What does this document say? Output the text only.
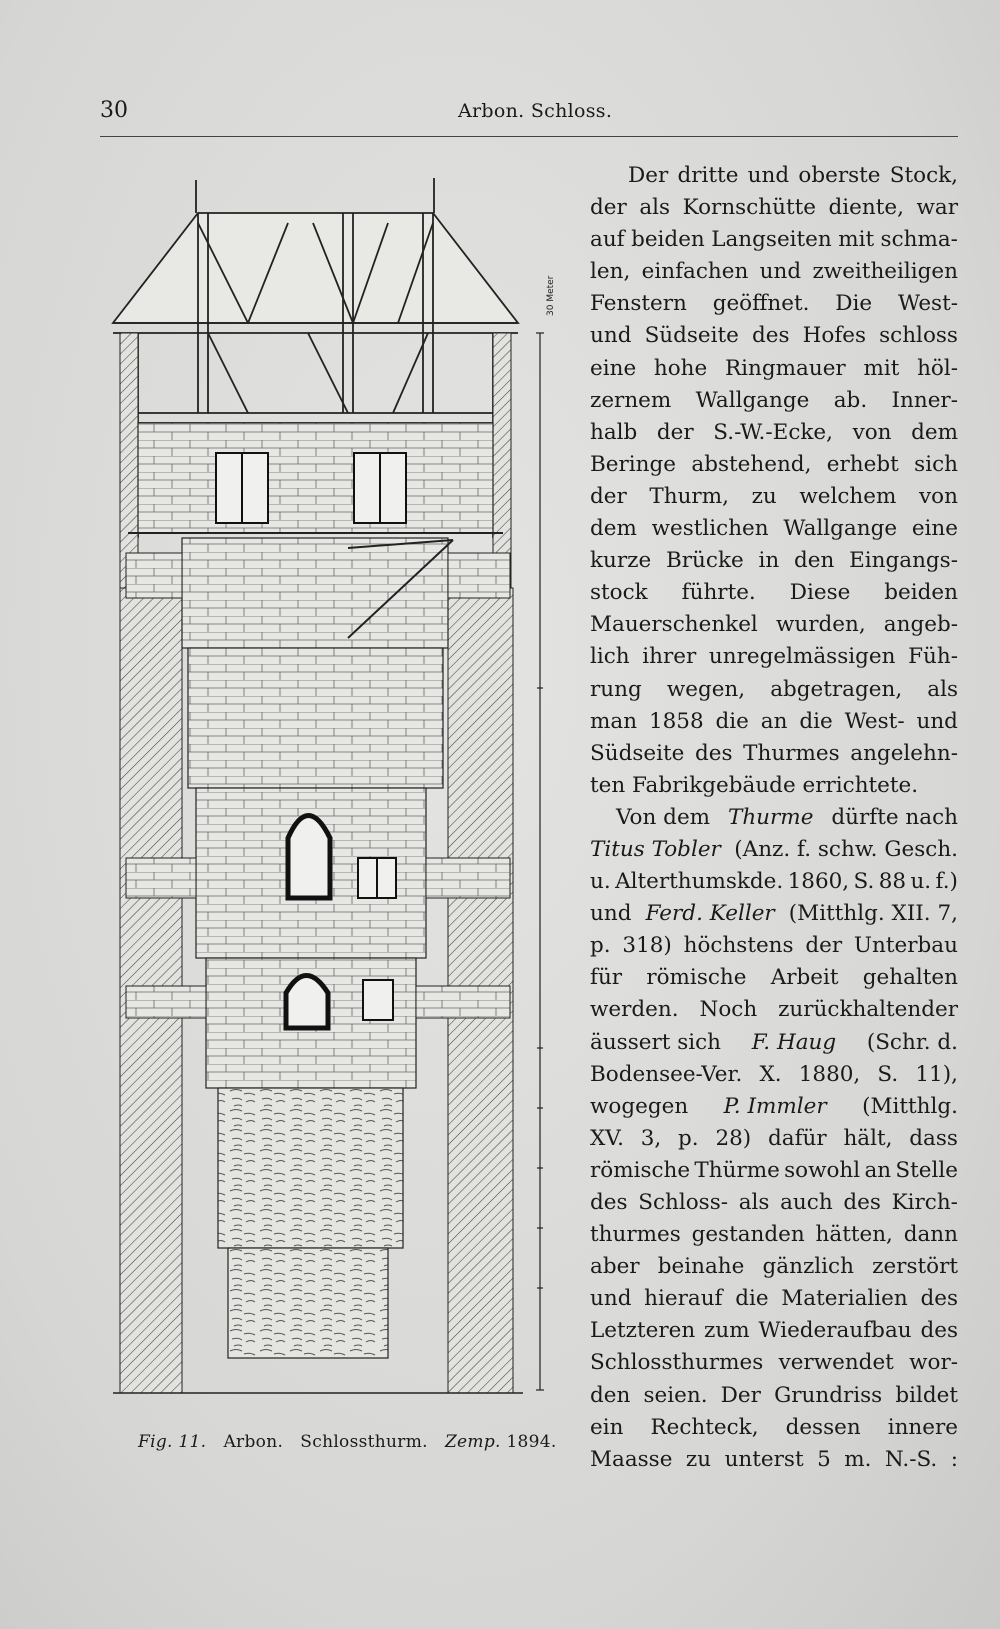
30	Arbon. Schloss.
30 Meter
Fig. 11. Arbon. Schlossthurm. Zemp. 1894.
Der dritte und oberste Stock,
der als Kornschütte diente, war
auf beiden Langseiten mit schma-
len, einfachen und zweitheiligen
Fenstern geöffnet. Die West-
und Südseite des Hofes schloss
eine hohe Ringmauer mit höl-
zernem Wallgange ab. Inner-
halb der S.-W.-Ecke, von dem
Beringe abstehend, erhebt sich
der Thurm, zu welchem von
dem westlichen Wallgange eine
kurze Brücke in den Eingangs-
stock führte. Diese beiden
Mauerschenkel wurden, angeb-
lich ihrer unregelmässigen Füh-
rung wegen, abgetragen, als
man 1858 die an die West- und
Südseite des Thurmes angelehn-
ten Fabrikgebäude errichtete.
Von dem Thurme dürfte nach
Titus Tobler (Anz. f. schw. Gesch.
u. Alterthumskde. 1860, S. 88 u. f.)
und Ferd. Keller (Mitthlg. XII. 7,
p. 318) höchstens der Unterbau
für römische Arbeit gehalten
werden. Noch zurückhaltender
äussert sich F. Haug (Schr. d.
Bodensee-Ver. X. 1880, S. 11),
wogegen P. Immler (Mitthlg.
XV. 3, p. 28) dafür hält, dass
römische Thürme sowohl an Stelle
des Schloss- als auch des Kirch-
thurmes gestanden hätten, dann
aber beinahe gänzlich zerstört
und hierauf die Materialien des
Letzteren zum Wiederaufbau des
Schlossthurmes verwendet wor-
den seien. Der Grundriss bildet
ein Rechteck, dessen innere
Maasse zu unterst 5 m. N.-S. :
